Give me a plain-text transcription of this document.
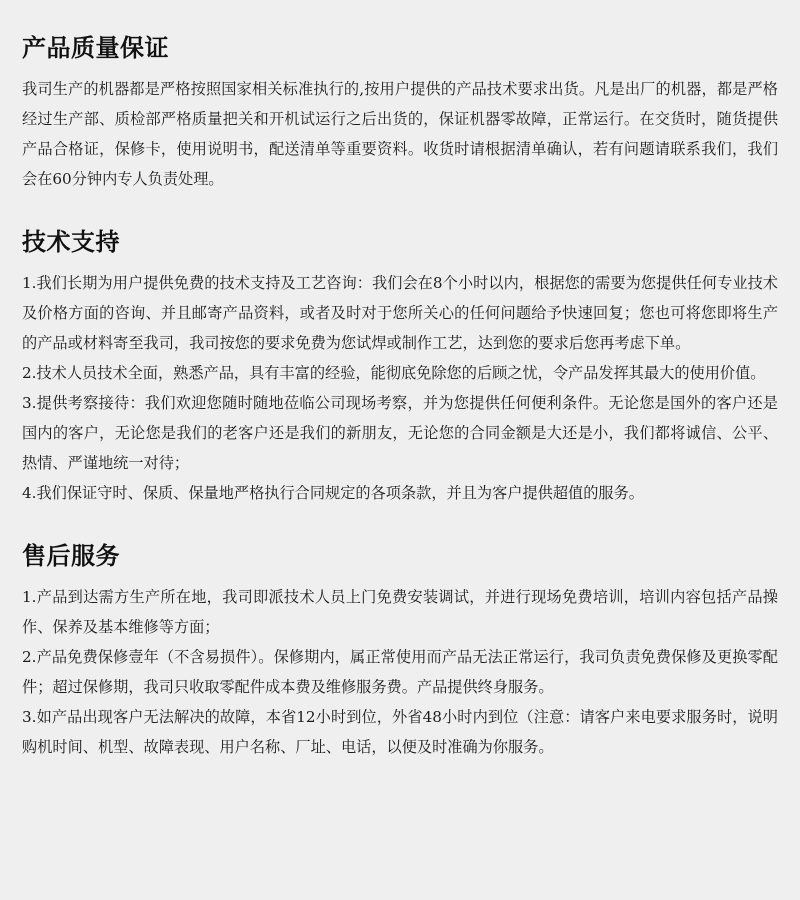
产品质量保证

我司生产的机器都是严格按照国家相关标准执行的,按用户提供的产品技术要求出货。凡是出厂的机器，都是严格经过生产部、质检部严格质量把关和开机试运行之后出货的，保证机器零故障，正常运行。在交货时，随货提供产品合格证，保修卡，使用说明书，配送清单等重要资料。收货时请根据清单确认，若有问题请联系我们，我们会在60分钟内专人负责处理。

技术支持

1.我们长期为用户提供免费的技术支持及工艺咨询：我们会在8个小时以内，根据您的需要为您提供任何专业技术及价格方面的咨询、并且邮寄产品资料，或者及时对于您所关心的任何问题给予快速回复；您也可将您即将生产的产品或材料寄至我司，我司按您的要求免费为您试焊或制作工艺，达到您的要求后您再考虑下单。

2.技术人员技术全面，熟悉产品，具有丰富的经验，能彻底免除您的后顾之忧，令产品发挥其最大的使用价值。

3.提供考察接待：我们欢迎您随时随地莅临公司现场考察，并为您提供任何便利条件。无论您是国外的客户还是国内的客户，无论您是我们的老客户还是我们的新朋友，无论您的合同金额是大还是小，我们都将诚信、公平、热情、严谨地统一对待；

4.我们保证守时、保质、保量地严格执行合同规定的各项条款，并且为客户提供超值的服务。

售后服务

1.产品到达需方生产所在地，我司即派技术人员上门免费安装调试，并进行现场免费培训，培训内容包括产品操作、保养及基本维修等方面；

2.产品免费保修壹年（不含易损件）。保修期内，属正常使用而产品无法正常运行，我司负责免费保修及更换零配件；超过保修期，我司只收取零配件成本费及维修服务费。产品提供终身服务。

3.如产品出现客户无法解决的故障，本省12小时到位，外省48小时内到位（注意：请客户来电要求服务时，说明购机时间、机型、故障表现、用户名称、厂址、电话，以便及时准确为你服务。
